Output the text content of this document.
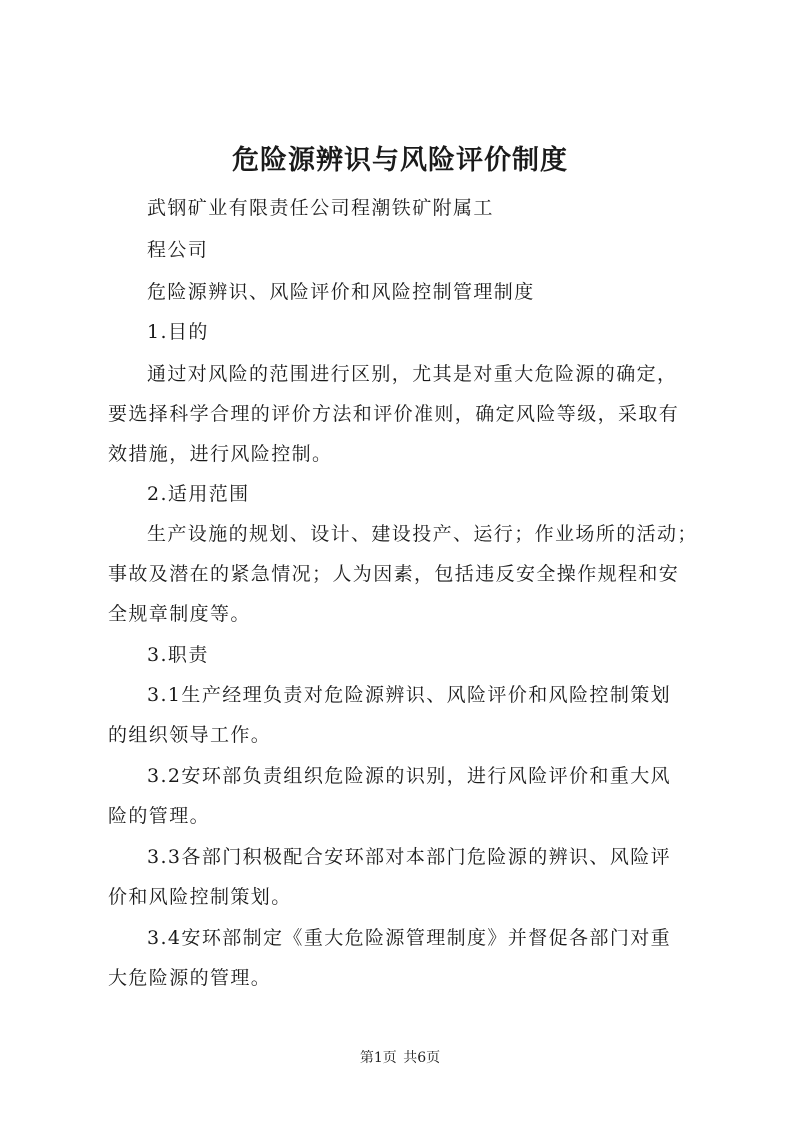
危险源辨识与风险评价制度
武钢矿业有限责任公司程潮铁矿附属工
程公司
危险源辨识、风险评价和风险控制管理制度
1.目的
通过对风险的范围进行区别，尤其是对重大危险源的确定，
要选择科学合理的评价方法和评价准则，确定风险等级，采取有
效措施，进行风险控制。
2.适用范围
生产设施的规划、设计、建设投产、运行；作业场所的活动；
事故及潜在的紧急情况；人为因素，包括违反安全操作规程和安
全规章制度等。
3.职责
3.1生产经理负责对危险源辨识、风险评价和风险控制策划
的组织领导工作。
3.2安环部负责组织危险源的识别，进行风险评价和重大风
险的管理。
3.3各部门积极配合安环部对本部门危险源的辨识、风险评
价和风险控制策划。
3.4安环部制定《重大危险源管理制度》并督促各部门对重
大危险源的管理。
第1页 共6页
